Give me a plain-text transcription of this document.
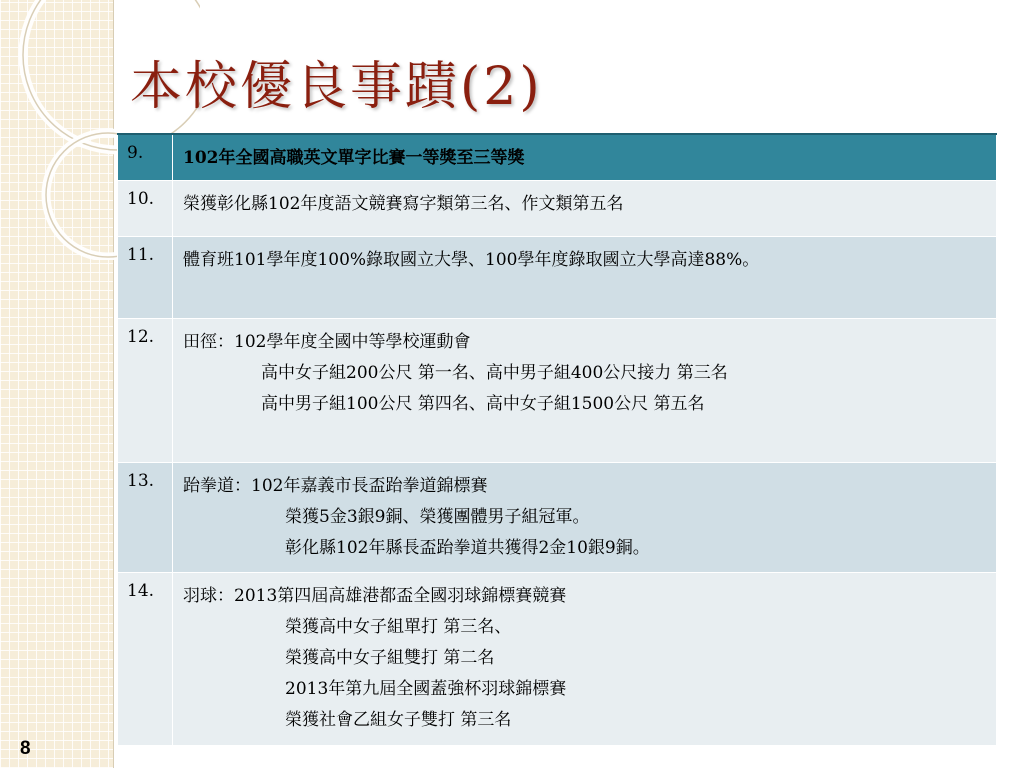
本校優良事蹟(2)
9.	102年全國高職英文單字比賽一等獎至三等獎

10.	榮獲彰化縣102年度語文競賽寫字類第三名、作文類第五名

11.	體育班101學年度100%錄取國立大學、100學年度錄取國立大學高達88%。

12.	田徑：102學年度全國中等學校運動會
高中女子組200公尺 第一名、高中男子組400公尺接力 第三名
高中男子組100公尺 第四名、高中女子組1500公尺 第五名

13.	跆拳道：102年嘉義市長盃跆拳道錦標賽
榮獲5金3銀9銅、榮獲團體男子組冠軍。
彰化縣102年縣長盃跆拳道共獲得2金10銀9銅。

14.	羽球：2013第四屆高雄港都盃全國羽球錦標賽競賽
榮獲高中女子組單打 第三名、
榮獲高中女子組雙打 第二名
2013年第九屆全國蓋強杯羽球錦標賽
榮獲社會乙組女子雙打 第三名
8
